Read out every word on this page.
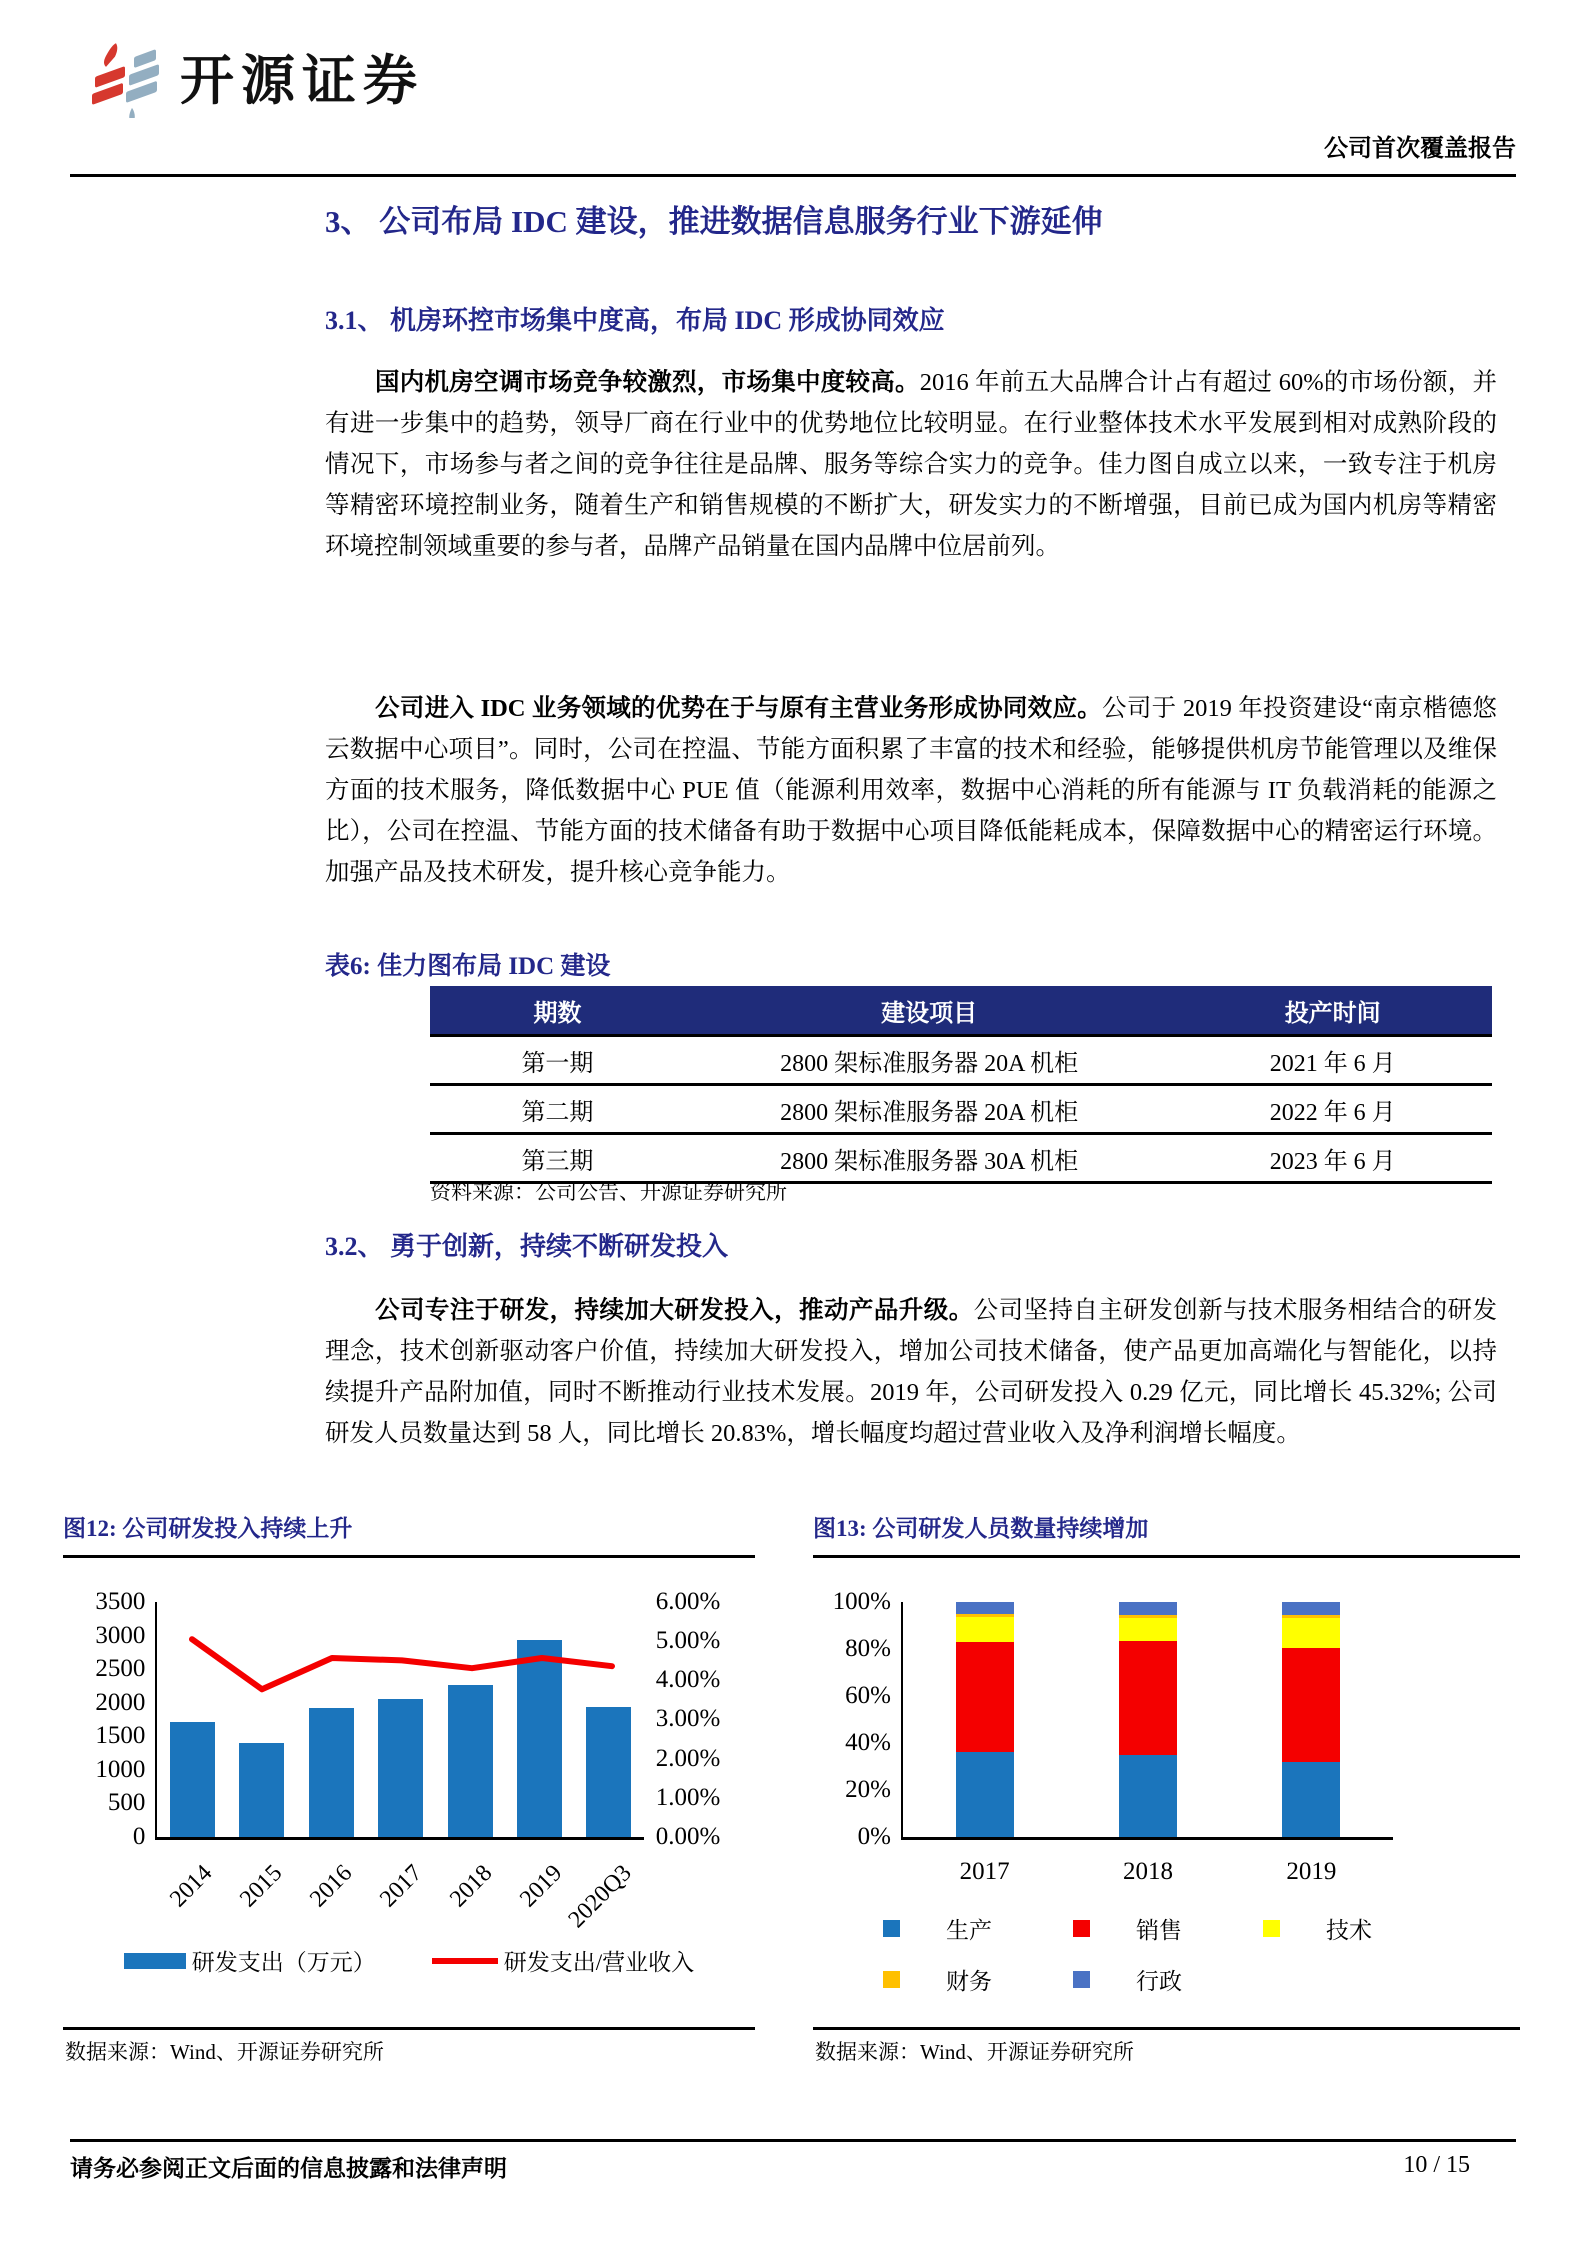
开源证券
公司首次覆盖报告
3、 公司布局 IDC 建设，推进数据信息服务行业下游延伸
3.1、 机房环控市场集中度高，布局 IDC 形成协同效应

国内机房空调市场竞争较激烈，市场集中度较高。2016 年前五大品牌合计占有超过 60%的市场份额，并有进一步集中的趋势，领导厂商在行业中的优势地位比较明显。在行业整体技术水平发展到相对成熟阶段的情况下，市场参与者之间的竞争往往是品牌、服务等综合实力的竞争。佳力图自成立以来，一致专注于机房等精密环境控制业务，随着生产和销售规模的不断扩大，研发实力的不断增强，目前已成为国内机房等精密环境控制领域重要的参与者，品牌产品销量在国内品牌中位居前列。

公司进入 IDC 业务领域的优势在于与原有主营业务形成协同效应。公司于 2019 年投资建设“南京楷德悠云数据中心项目”。同时，公司在控温、节能方面积累了丰富的技术和经验，能够提供机房节能管理以及维保方面的技术服务，降低数据中心 PUE 值（能源利用效率，数据中心消耗的所有能源与 IT 负载消耗的能源之比），公司在控温、节能方面的技术储备有助于数据中心项目降低能耗成本，保障数据中心的精密运行环境。加强产品及技术研发，提升核心竞争能力。

表6: 佳力图布局 IDC 建设
期数	建设项目	投产时间
第一期	2800 架标准服务器 20A 机柜	2021 年 6 月
第二期	2800 架标准服务器 20A 机柜	2022 年 6 月
第三期	2800 架标准服务器 30A 机柜	2023 年 6 月
资料来源：公司公告、开源证券研究所
3.2、 勇于创新，持续不断研发投入

公司专注于研发，持续加大研发投入，推动产品升级。公司坚持自主研发创新与技术服务相结合的研发理念，技术创新驱动客户价值，持续加大研发投入，增加公司技术储备，使产品更加高端化与智能化，以持续提升产品附加值，同时不断推动行业技术发展。2019 年，公司研发投入 0.29 亿元，同比增长 45.32%; 公司研发人员数量达到 58 人，同比增长 20.83%，增长幅度均超过营业收入及净利润增长幅度。

图12: 公司研发投入持续上升
3500
3000
2500
2000
1500
1000
500
0
6.00%
5.00%
4.00%
3.00%
2.00%
1.00%
0.00%
2014 2015 2016 2017 2018 2019
2020Q3
研发支出（万元）	研发支出/营业收入
数据来源：Wind、开源证券研究所
图13: 公司研发人员数量持续增加
100%
80%
60%
40%
20%
0%
2017	2018	2019
生产	销售	技术
财务	行政
数据来源：Wind、开源证券研究所
请务必参阅正文后面的信息披露和法律声明	10 / 15
